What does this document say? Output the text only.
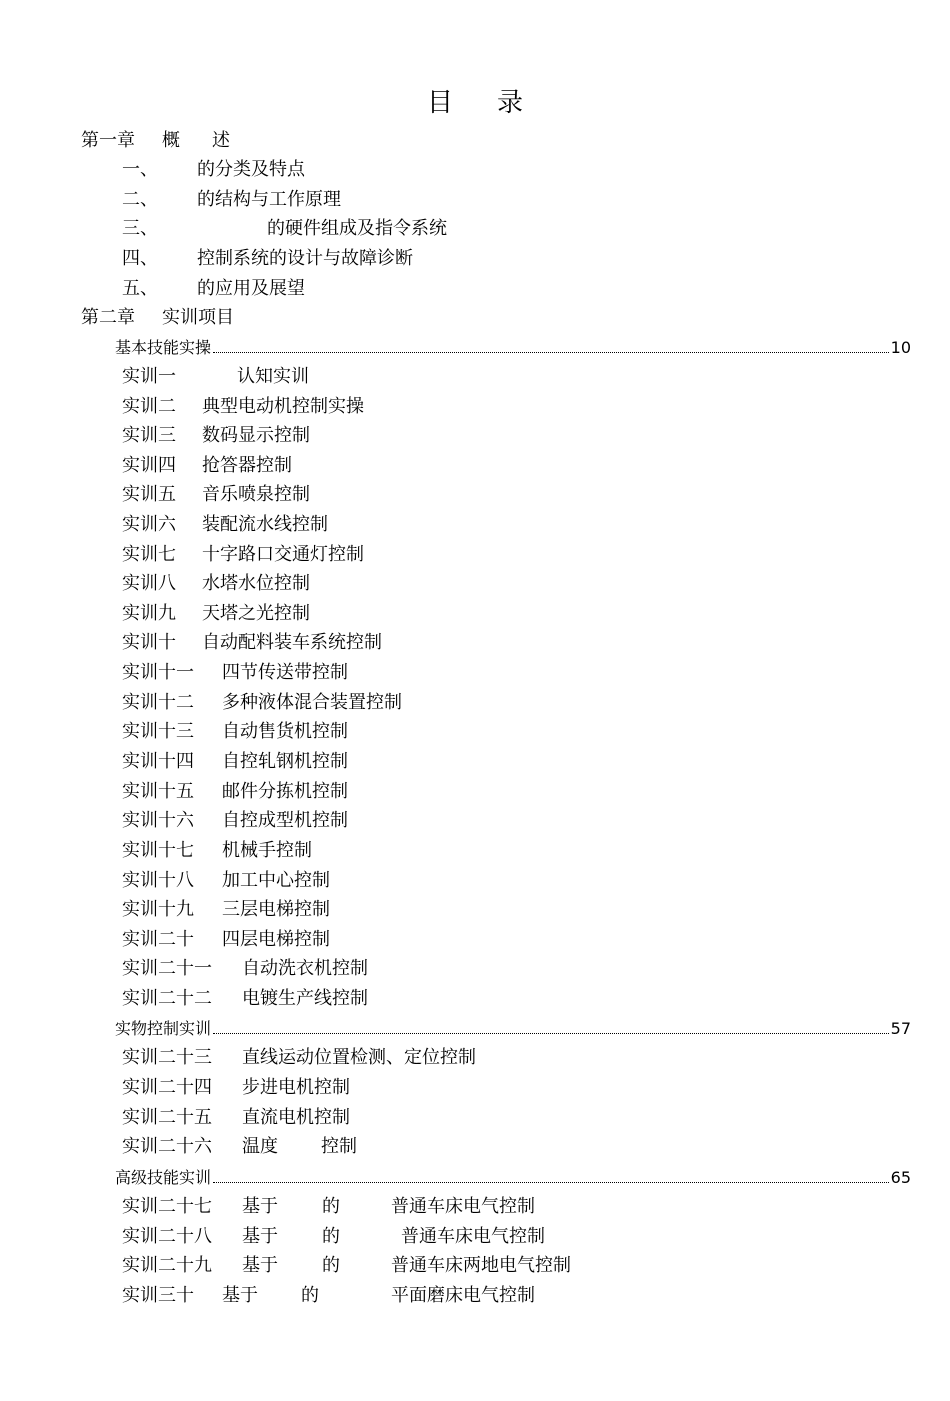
目 录
第一章 概 述
一、 的分类及特点
二、 的结构与工作原理
三、	的硬件组成及指令系统
四、 控制系统的设计与故障诊断
五、 的应用及展望
第二章 实训项目
基本技能实操	10
实训一	认知实训
实训二 典型电动机控制实操
实训三 数码显示控制
实训四 抢答器控制
实训五 音乐喷泉控制
实训六 装配流水线控制
实训七 十字路口交通灯控制
实训八 水塔水位控制
实训九 天塔之光控制
实训十 自动配料装车系统控制
实训十一 四节传送带控制
实训十二 多种液体混合装置控制
实训十三 自动售货机控制
实训十四 自控轧钢机控制
实训十五 邮件分拣机控制
实训十六 自控成型机控制
实训十七 机械手控制
实训十八 加工中心控制
实训十九 三层电梯控制
实训二十 四层电梯控制
实训二十一 自动洗衣机控制
实训二十二 电镀生产线控制
实物控制实训	57
实训二十三 直线运动位置检测、定位控制
实训二十四 步进电机控制
实训二十五 直流电机控制
实训二十六 温度 控制
高级技能实训	65
实训二十七 基于 的	普通车床电气控制
实训二十八 基于 的	普通车床电气控制
实训二十九 基于 的	普通车床两地电气控制
实训三十 基于 的	平面磨床电气控制
